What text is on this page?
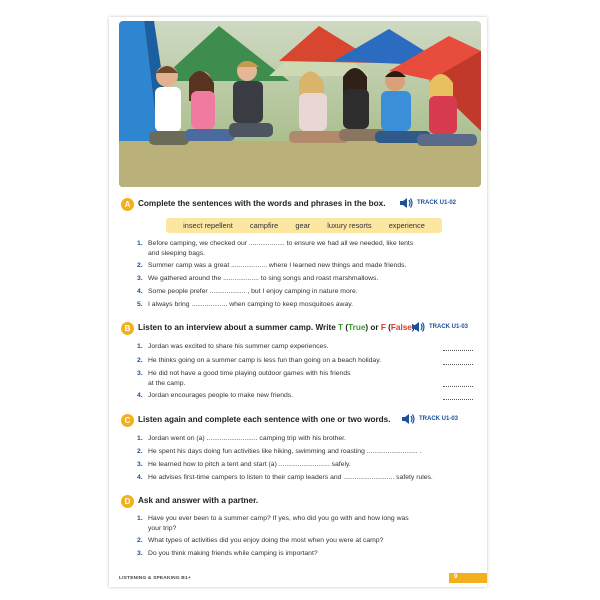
A Complete the sentences with the words and phrases in the box.	TRACK U1-02
insect repellent campfire gear luxury resorts experience
1. Before camping, we checked our ................... to ensure we had all we needed, like tents
and sleeping bags.
2. Summer camp was a great ................... where I learned new things and made friends.
3. We gathered around the ................... to sing songs and roast marshmallows.
4. Some people prefer ................... , but I enjoy camping in nature more.
5. I always bring ................... when camping to keep mosquitoes away.
B Listen to an interview about a summer camp. Write T (True) or F (False	TRACK U1-03
1. Jordan was excited to share his summer camp experiences.
2. He thinks going on a summer camp is less fun than going on a beach holiday.
3. He did not have a good time playing outdoor games with his friends
at the camp.
4. Jordan encourages people to make new friends.
C Listen again and complete each sentence with one or two words.	TRACK U1-03
1. Jordan went on (a) ........................... camping trip with his brother.
2. He spent his days doing fun activities like hiking, swimming and roasting ........................... .
3. He learned how to pitch a tent and start (a) ........................... safely.
4. He advises first-time campers to listen to their camp leaders and ........................... safety rules.
D Ask and answer with a partner.
1. Have you ever been to a summer camp? If yes, who did you go with and how long was
your trip?
2. What types of activities did you enjoy doing the most when you were at camp?
3. Do you think making friends while camping is important?
LISTENING & SPEAKING B1+	9
